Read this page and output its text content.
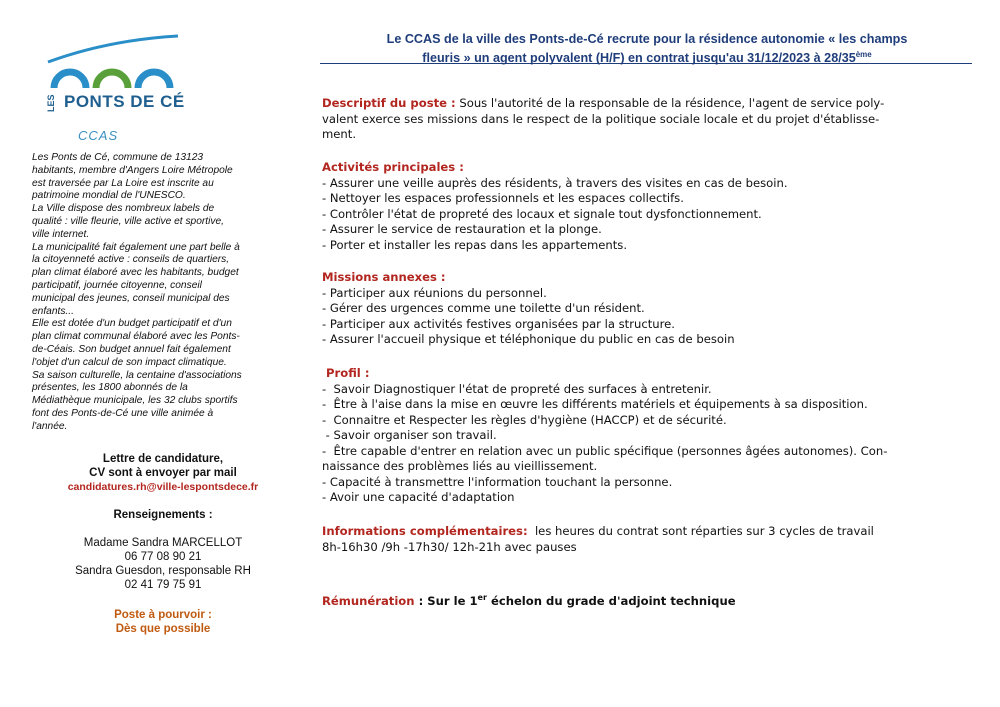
LES PONTS DE CÉ
CCAS
Les Ponts de Cé, commune de 13123
habitants, membre d'Angers Loire Métropole
est traversée par La Loire est inscrite au
patrimoine mondial de l'UNESCO.
La Ville dispose des nombreux labels de
qualité : ville fleurie, ville active et sportive,
ville internet.
La municipalité fait également une part belle à
la citoyenneté active : conseils de quartiers,
plan climat élaboré avec les habitants, budget
participatif, journée citoyenne, conseil
municipal des jeunes, conseil municipal des
enfants...
Elle est dotée d'un budget participatif et d'un
plan climat communal élaboré avec les Ponts-
de-Céais. Son budget annuel fait également
l'objet d'un calcul de son impact climatique.
Sa saison culturelle, la centaine d'associations
présentes, les 1800 abonnés de la
Médiathèque municipale, les 32 clubs sportifs
font des Ponts-de-Cé une ville animée à
l'année.
Lettre de candidature,
CV sont à envoyer par mail
candidatures.rh@ville-lespontsdece.fr
Renseignements :
Madame Sandra MARCELLOT
06 77 08 90 21
Sandra Guesdon, responsable RH
02 41 79 75 91
Poste à pourvoir :
Dès que possible
Le CCAS de la ville des Ponts-de-Cé recrute pour la résidence autonomie « les champs
fleuris » un agent polyvalent (H/F) en contrat jusqu'au 31/12/2023 à 28/35ème
Descriptif du poste : Sous l'autorité de la responsable de la résidence, l'agent de service poly-
valent exerce ses missions dans le respect de la politique sociale locale et du projet d'établisse-
ment.
Activités principales :
- Assurer une veille auprès des résidents, à travers des visites en cas de besoin.
- Nettoyer les espaces professionnels et les espaces collectifs.
- Contrôler l'état de propreté des locaux et signale tout dysfonctionnement.
- Assurer le service de restauration et la plonge.
- Porter et installer les repas dans les appartements.
Missions annexes :
- Participer aux réunions du personnel.
- Gérer des urgences comme une toilette d'un résident.
- Participer aux activités festives organisées par la structure.
- Assurer l'accueil physique et téléphonique du public en cas de besoin
Profil :
-  Savoir Diagnostiquer l'état de propreté des surfaces à entretenir.
-  Être à l'aise dans la mise en œuvre les différents matériels et équipements à sa disposition.
-  Connaitre et Respecter les règles d'hygiène (HACCP) et de sécurité.
- Savoir organiser son travail.
-  Être capable d'entrer en relation avec un public spécifique (personnes âgées autonomes). Con-
naissance des problèmes liés au vieillissement.
- Capacité à transmettre l'information touchant la personne.
- Avoir une capacité d'adaptation
Informations complémentaires:  les heures du contrat sont réparties sur 3 cycles de travail
8h-16h30 /9h -17h30/ 12h-21h avec pauses
Rémunération : Sur le 1er échelon du grade d'adjoint technique
